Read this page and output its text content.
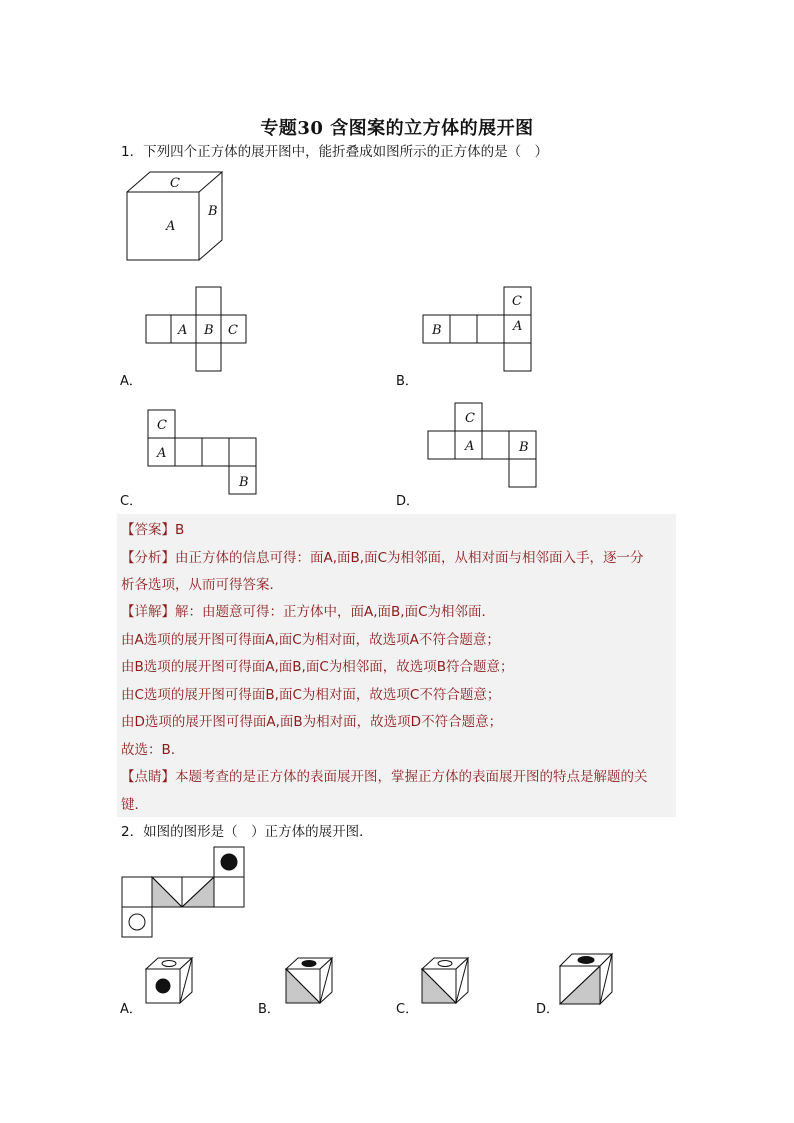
专题30 含图案的立方体的展开图
1．下列四个正方体的展开图中，能折叠成如图所示的正方体的是（　）
A
C
B
A B C
A．
C
A
B
B．
C
A
B
C．
C
A	B
D．
【答案】B
【分析】由正方体的信息可得：面A,面B,面C为相邻面，从相对面与相邻面入手，逐一分
析各选项，从而可得答案．
【详解】解：由题意可得：正方体中，面A,面B,面C为相邻面．
由A选项的展开图可得面A,面C为相对面，故选项A不符合题意；
由B选项的展开图可得面A,面B,面C为相邻面，故选项B符合题意；
由C选项的展开图可得面B,面C为相对面，故选项C不符合题意；
由D选项的展开图可得面A,面B为相对面，故选项D不符合题意；
故选：B.
【点睛】本题考查的是正方体的表面展开图，掌握正方体的表面展开图的特点是解题的关
键．
2．如图的图形是（　）正方体的展开图．
A．	B．	C．	D．
